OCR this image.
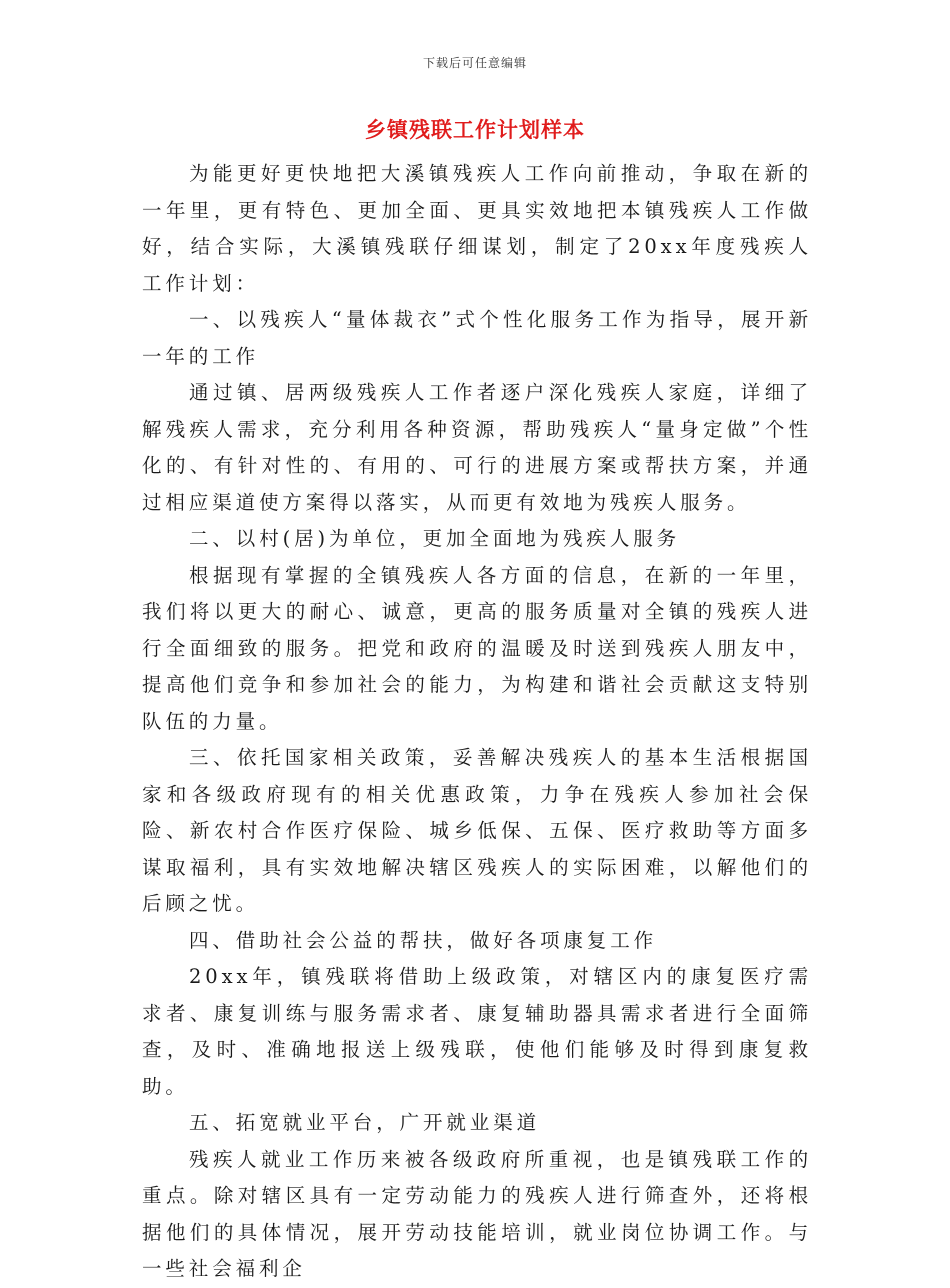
下载后可任意编辑
乡镇残联工作计划样本

为能更好更快地把大溪镇残疾人工作向前推动，争取在新的一年里，更有特色、更加全面、更具实效地把本镇残疾人工作做好，结合实际，大溪镇残联仔细谋划，制定了20xx年度残疾人工作计划：

一、以残疾人“量体裁衣”式个性化服务工作为指导，展开新一年的工作

通过镇、居两级残疾人工作者逐户深化残疾人家庭，详细了解残疾人需求，充分利用各种资源，帮助残疾人“量身定做”个性化的、有针对性的、有用的、可行的进展方案或帮扶方案，并通过相应渠道使方案得以落实，从而更有效地为残疾人服务。

二、以村(居)为单位，更加全面地为残疾人服务

根据现有掌握的全镇残疾人各方面的信息，在新的一年里，我们将以更大的耐心、诚意，更高的服务质量对全镇的残疾人进行全面细致的服务。把党和政府的温暖及时送到残疾人朋友中，提高他们竞争和参加社会的能力，为构建和谐社会贡献这支特别队伍的力量。

三、依托国家相关政策，妥善解决残疾人的基本生活根据国家和各级政府现有的相关优惠政策，力争在残疾人参加社会保险、新农村合作医疗保险、城乡低保、五保、医疗救助等方面多谋取福利，具有实效地解决辖区残疾人的实际困难，以解他们的后顾之忧。

四、借助社会公益的帮扶，做好各项康复工作

20xx年，镇残联将借助上级政策，对辖区内的康复医疗需求者、康复训练与服务需求者、康复辅助器具需求者进行全面筛查，及时、准确地报送上级残联，使他们能够及时得到康复救助。

五、拓宽就业平台，广开就业渠道

残疾人就业工作历来被各级政府所重视，也是镇残联工作的重点。除对辖区具有一定劳动能力的残疾人进行筛查外，还将根据他们的具体情况，展开劳动技能培训，就业岗位协调工作。与一些社会福利企
